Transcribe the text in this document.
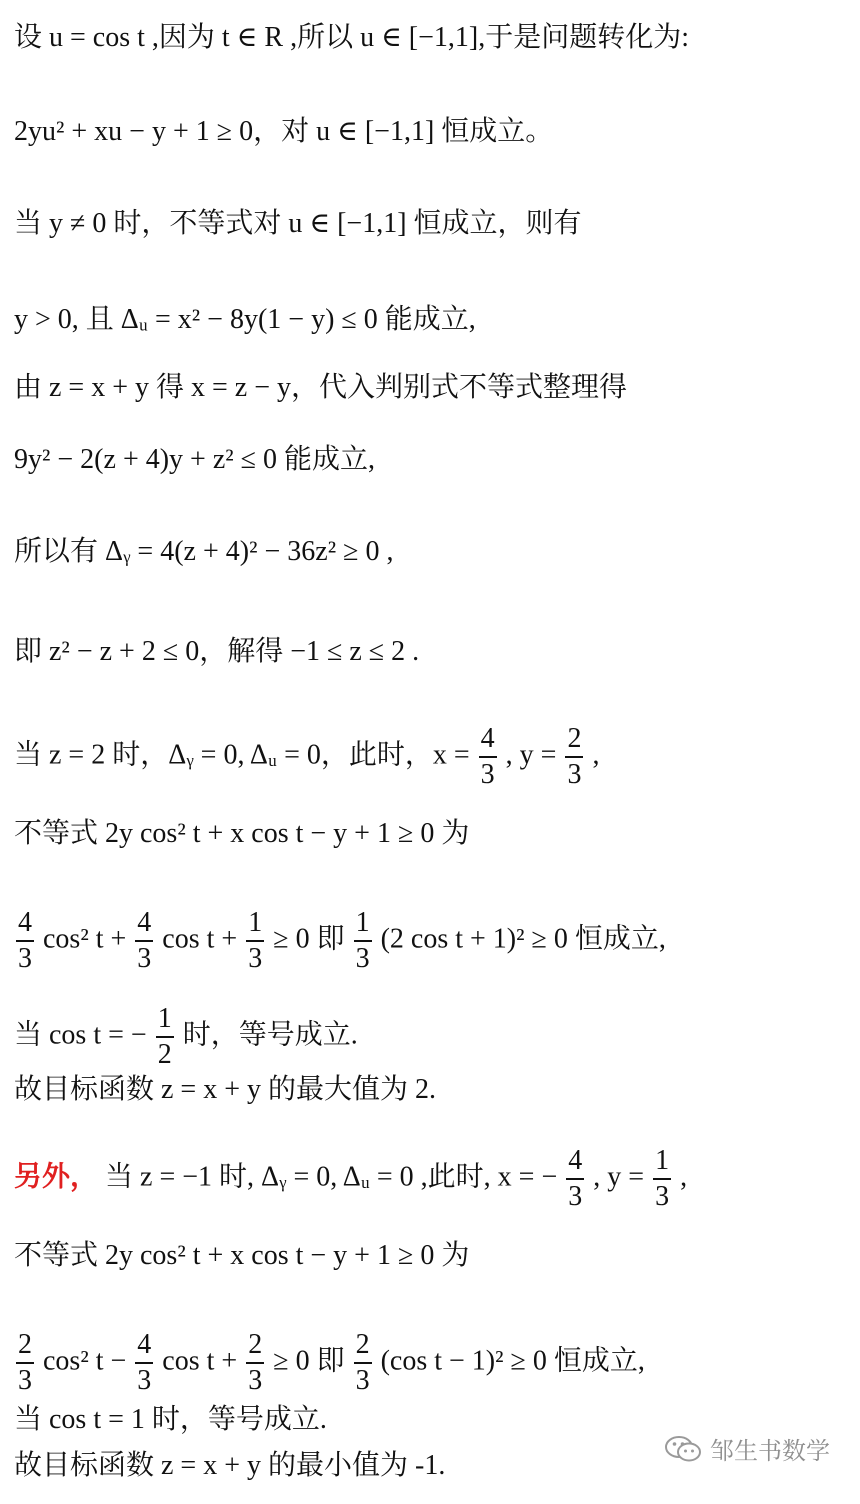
设 u = cos t ,因为 t ∈ R ,所以 u ∈ [−1,1],于是问题转化为:
2yu² + xu − y + 1 ≥ 0，对 u ∈ [−1,1] 恒成立。
当 y ≠ 0 时，不等式对 u ∈ [−1,1] 恒成立，则有
y > 0, 且 Δᵤ = x² − 8y(1 − y) ≤ 0 能成立,
由 z = x + y 得 x = z − y，代入判别式不等式整理得
9y² − 2(z + 4)y + z² ≤ 0 能成立,
所以有 Δᵧ = 4(z + 4)² − 36z² ≥ 0 ,
即 z² − z + 2 ≤ 0，解得 −1 ≤ z ≤ 2 .
当 z = 2 时，Δᵧ = 0, Δᵤ = 0，此时，$x = \frac{4}{3}$ , $y = \frac{2}{3}$ ,
不等式 2y cos² t + x cos t − y + 1 ≥ 0 为
$\frac{4}{3} \cos^2$ $t + \frac{4}{3}$ $\cos t + \frac{1}{3} \ge 0$ 即 $\frac{1}{3} (2$ cos t + 1)² ≥ 0 恒成立,
当 cos t = − $\frac{1}{2}$ 时，等号成立.
故目标函数 z = x + y 的最大值为 2.
另外， 当 z = −1 时, Δᵧ = 0, Δᵤ = 0 ,此时, x = − $\frac{4}{3}$ , $y = \frac{1}{3}$ ,
不等式 2y cos² t + x cos t − y + 1 ≥ 0 为
$\frac{2}{3} \cos^2$ $t - \frac{4}{3}$ $\cos t + \frac{2}{3} \ge 0$ 即 $\frac{2}{3} (\cos$ t − 1)² ≥ 0 恒成立,
当 cos t = 1 时，等号成立.
故目标函数 z = x + y 的最小值为 -1.	邹生书数学
